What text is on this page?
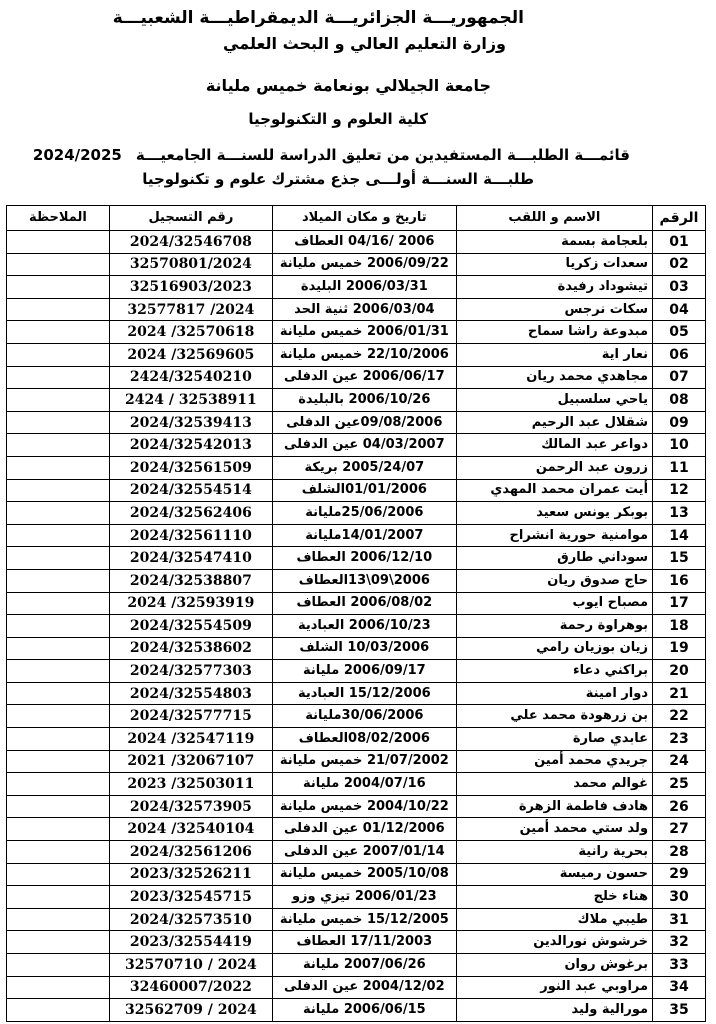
الجمهوريـــة الجزائريـــة الديمقراطيـــة الشعبيـــة
وزارة التعليم العالي و البحث العلمي
جامعة الجيلالي بونعامة خميس مليانة
كلية العلوم و التكنولوجيا
قائمـــة الطلبـــة المستفيدين من تعليق الدراسة للسنـــة الجامعيـــة2024/2025
طلبـــة السنـــة أولـــى جذع مشترك علوم و تكنولوجيا
الرقم	الاسم و اللقب	تاريخ و مكان الميلاد	رقم التسجيل	الملاحظة
01	بلعجامة بسمة	2006 /04/16 العطاف	2024/32546708	
02	سعدات زكريا	2006/09/22 خميس مليانة	32570801/2024	
03	تيشوداد رفيدة	2006/03/31 البليدة	32516903/2023	
04	سكات نرجس	2006/03/04 ثنية الحد	32577817 /2024	
05	مبدوعة راشا سماح	2006/01/31 خميس مليانة	2024 /32570618	
06	نعار اية	22/10/2006 خميس مليانة	2024 /32569605	
07	مجاهدي محمد ريان	2006/06/17 عين الدفلى	2424/32540210	
08	ياحي سلسبيل	2006/10/26 بالبليدة	2424 / 32538911	
09	شقلال عبد الرحيم	09/08/2006عين الدفلى	2024/32539413	
10	دواعر عبد المالك	04/03/2007 عين الدفلى	2024/32542013	
11	زرون عبد الرحمن	2005/24/07 بريكة	2024/32561509	
12	أيت عمران محمد المهدي	01/01/2006الشلف	2024/32554514	
13	بوبكر يونس سعيد	25/06/2006مليانة	2024/32562406	
14	موامنية حورية انشراح	14/01/2007مليانة	2024/32561110	
15	سوداني طارق	2006/12/10 العطاف	2024/32547410	
16	حاج صدوق ريان	2006\09\13العطاف	2024/32538807	
17	مصباح ايوب	2006/08/02 العطاف	2024 /32593919	
18	بوهراوة رحمة	2006/10/23 العبادية	2024/32554509	
19	زيان بوزيان رامي	10/03/2006 الشلف	2024/32538602	
20	براكني دعاء	2006/09/17 مليانة	2024/32577303	
21	دوار امينة	15/12/2006 العبادية	2024/32554803	
22	بن زرهودة محمد علي	30/06/2006مليانة	2024/32577715	
23	عابدي صارة	08/02/2006العطاف	2024 /32547119	
24	جريدي محمد أمين	21/07/2002 خميس مليانة	2021 /32067107	
25	غوالم محمد	2004/07/16 مليانة	2023 /32503011	
26	هادف فاطمة الزهرة	2004/10/22 خميس مليانة	2024/32573905	
27	ولد ستي محمد أمين	01/12/2006 عين الدفلى	2024 /32540104	
28	بحرية رانية	2007/01/14 عين الدفلى	2024/32561206	
29	حسون رميسة	2005/10/08 خميس مليانة	2023/32526211	
30	هناء خلج	2006/01/23 تيزي وزو	2023/32545715	
31	طيبي ملاك	15/12/2005 خميس مليانة	2024/32573510	
32	خرشوش نورالدين	17/11/2003 العطاف	2023/32554419	
33	برغوش روان	2007/06/26 مليانة	32570710 / 2024	
34	مراوبي عبد النور	2004/12/02 عين الدفلى	32460007/2022	
35	مورالية وليد	2006/06/15 مليانة	32562709 / 2024	
